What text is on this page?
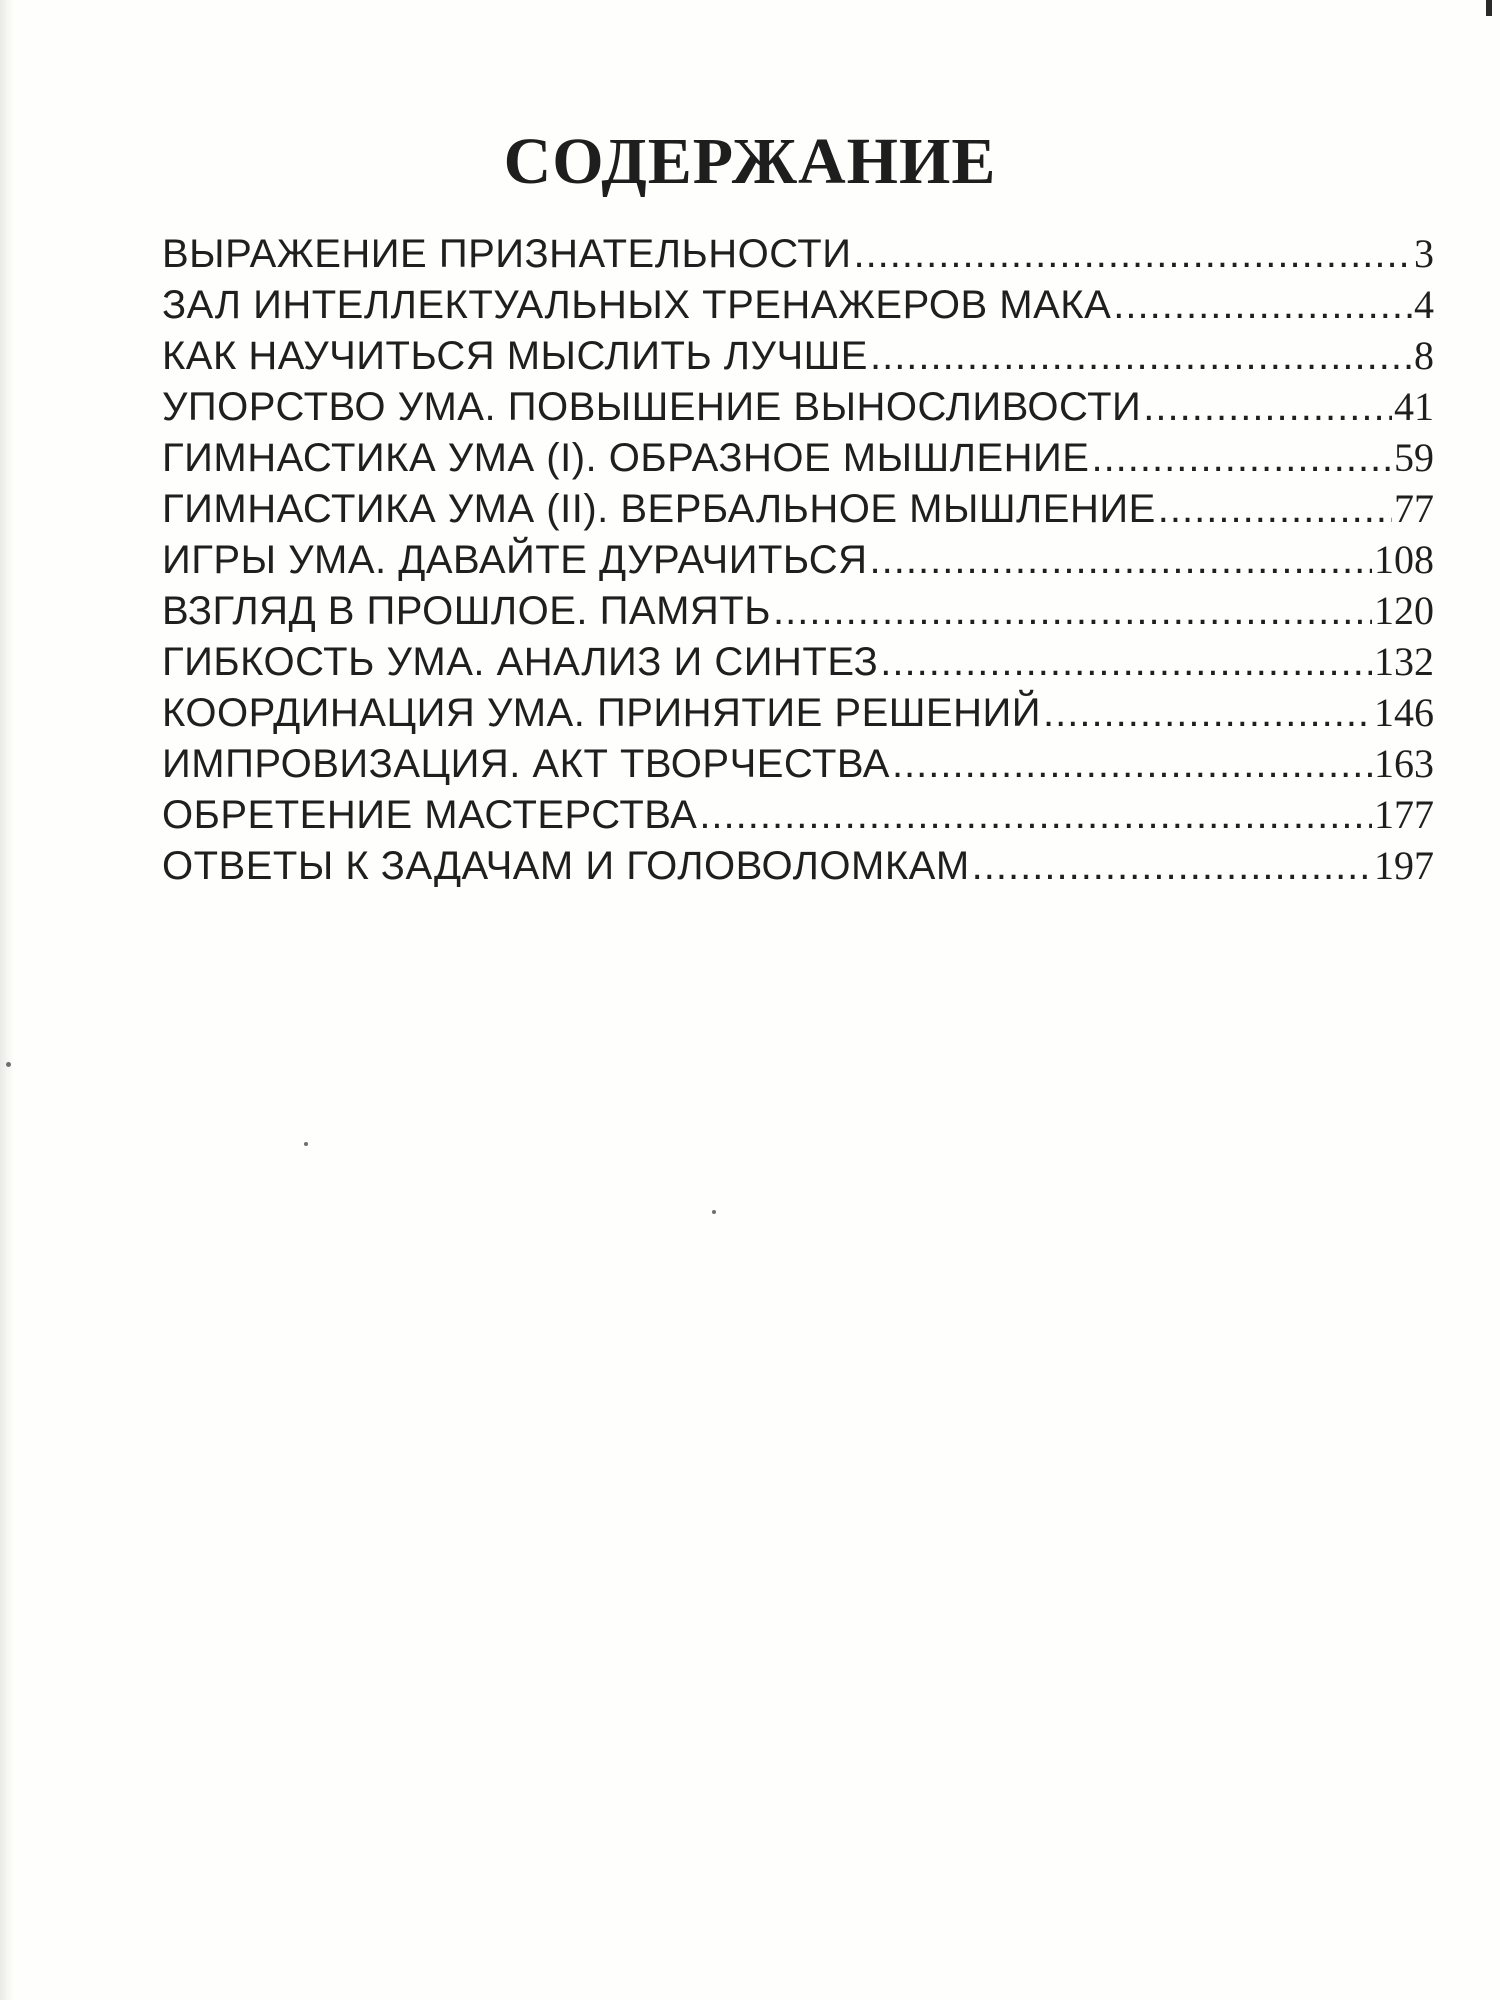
СОДЕРЖАНИЕ
ВЫРАЖЕНИЕ ПРИЗНАТЕЛЬНОСТИ .....	3
ЗАЛ ИНТЕЛЛЕКТУАЛЬНЫХ ТРЕНАЖЕРОВ МАКА .....	4
КАК НАУЧИТЬСЯ МЫСЛИТЬ ЛУЧШЕ .....	8
УПОРСТВО УМА. ПОВЫШЕНИЕ ВЫНОСЛИВОСТИ .....	41
ГИМНАСТИКА УМА (I). ОБРАЗНОЕ МЫШЛЕНИЕ .....	59
ГИМНАСТИКА УМА (II). ВЕРБАЛЬНОЕ МЫШЛЕНИЕ .....	77
ИГРЫ УМА. ДАВАЙТЕ ДУРАЧИТЬСЯ .....	108
ВЗГЛЯД В ПРОШЛОЕ. ПАМЯТЬ .....	120
ГИБКОСТЬ УМА. АНАЛИЗ И СИНТЕЗ .....	132
КООРДИНАЦИЯ УМА. ПРИНЯТИЕ РЕШЕНИЙ .....	146
ИМПРОВИЗАЦИЯ. АКТ ТВОРЧЕСТВА .....	163
ОБРЕТЕНИЕ МАСТЕРСТВА .....	177
ОТВЕТЫ К ЗАДАЧАМ И ГОЛОВОЛОМКАМ .....	197
